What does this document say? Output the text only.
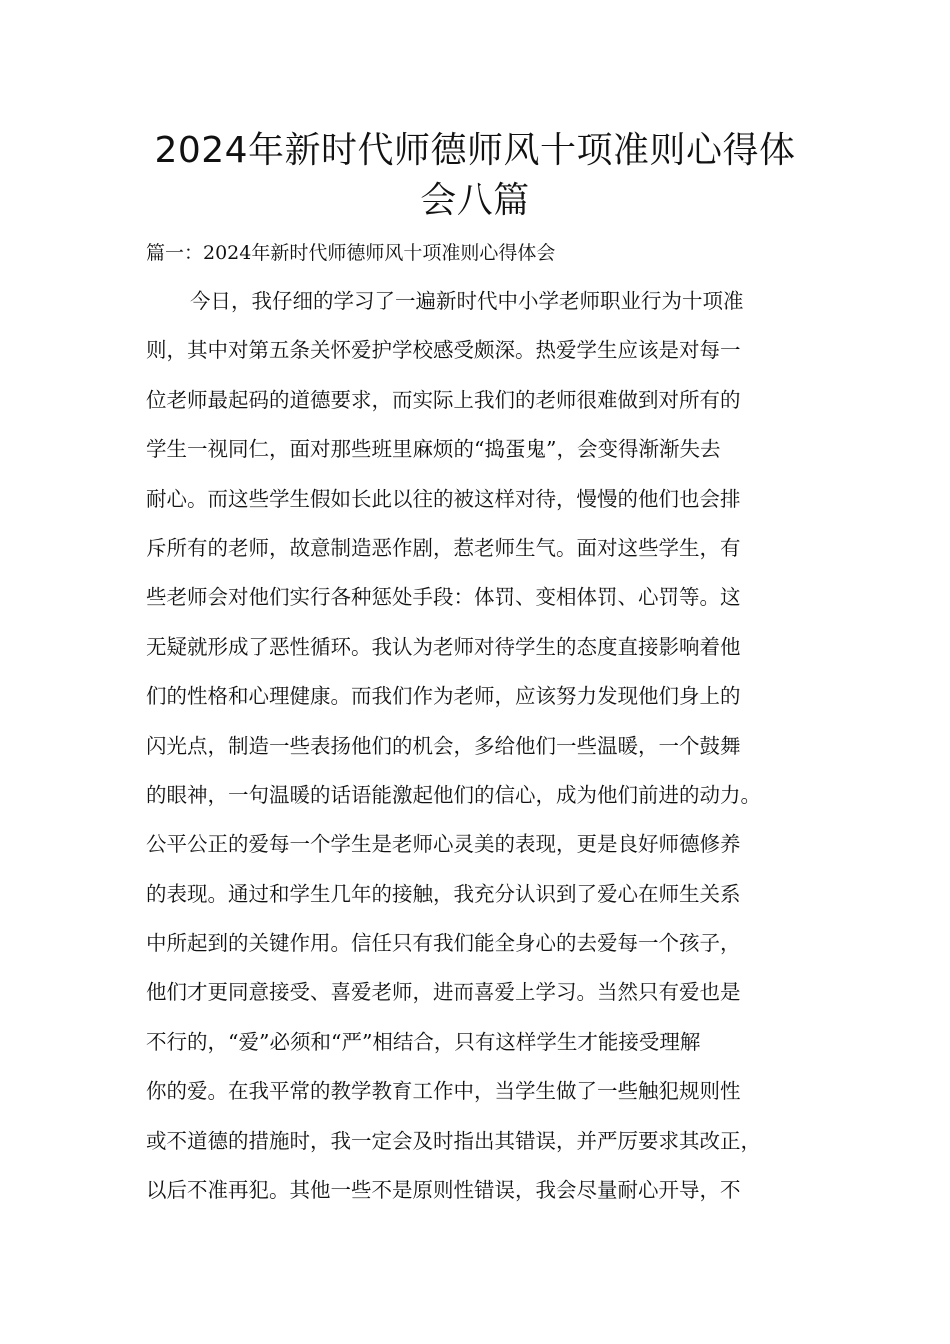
2024年新时代师德师风十项准则心得体
会八篇

篇一：2024年新时代师德师风十项准则心得体会

今日，我仔细的学习了一遍新时代中小学老师职业行为十项准
则，其中对第五条关怀爱护学校感受颇深。热爱学生应该是对每一
位老师最起码的道德要求，而实际上我们的老师很难做到对所有的
学生一视同仁，面对那些班里麻烦的“捣蛋鬼”，会变得渐渐失去
耐心。而这些学生假如长此以往的被这样对待，慢慢的他们也会排
斥所有的老师，故意制造恶作剧，惹老师生气。面对这些学生，有
些老师会对他们实行各种惩处手段：体罚、变相体罚、心罚等。这
无疑就形成了恶性循环。我认为老师对待学生的态度直接影响着他
们的性格和心理健康。而我们作为老师，应该努力发现他们身上的
闪光点，制造一些表扬他们的机会，多给他们一些温暖，一个鼓舞
的眼神，一句温暖的话语能激起他们的信心，成为他们前进的动力。
公平公正的爱每一个学生是老师心灵美的表现，更是良好师德修养
的表现。通过和学生几年的接触，我充分认识到了爱心在师生关系
中所起到的关键作用。信任只有我们能全身心的去爱每一个孩子，
他们才更同意接受、喜爱老师，进而喜爱上学习。当然只有爱也是
不行的，“爱”必须和“严”相结合，只有这样学生才能接受理解
你的爱。在我平常的教学教育工作中，当学生做了一些触犯规则性
或不道德的措施时，我一定会及时指出其错误，并严厉要求其改正，
以后不准再犯。其他一些不是原则性错误，我会尽量耐心开导，不
